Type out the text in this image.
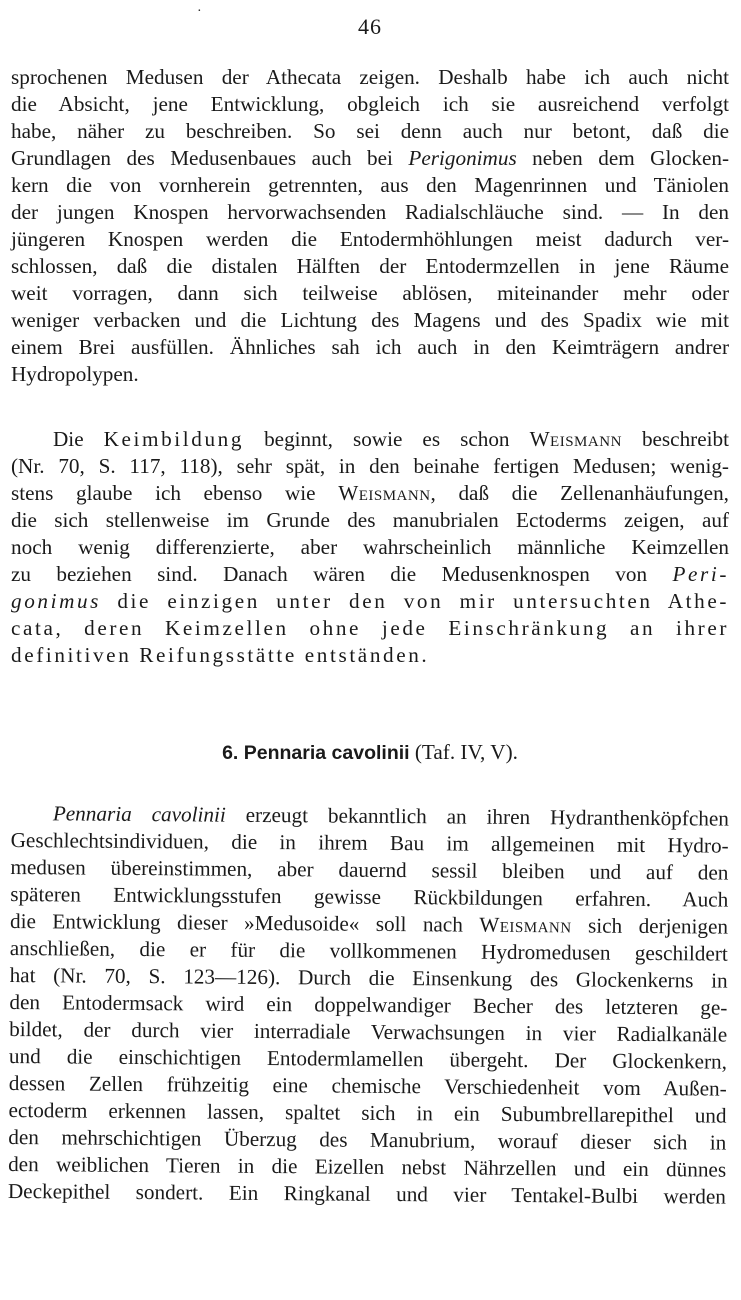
·
46
sprochenen Medusen der Athecata zeigen. Deshalb habe ich auch nicht
die Absicht, jene Entwicklung, obgleich ich sie ausreichend verfolgt
habe, näher zu beschreiben. So sei denn auch nur betont, daß die
Grundlagen des Medusenbaues auch bei Perigonimus neben dem Glocken-
kern die von vornherein getrennten, aus den Magenrinnen und Täniolen
der jungen Knospen hervorwachsenden Radialschläuche sind. — In den
jüngeren Knospen werden die Entodermhöhlungen meist dadurch ver-
schlossen, daß die distalen Hälften der Entodermzellen in jene Räume
weit vorragen, dann sich teilweise ablösen, miteinander mehr oder
weniger verbacken und die Lichtung des Magens und des Spadix wie mit
einem Brei ausfüllen. Ähnliches sah ich auch in den Keimträgern andrer
Hydropolypen.
Die Keimbildung beginnt, sowie es schon Weismann beschreibt
(Nr. 70, S. 117, 118), sehr spät, in den beinahe fertigen Medusen; wenig-
stens glaube ich ebenso wie Weismann, daß die Zellenanhäufungen,
die sich stellenweise im Grunde des manubrialen Ectoderms zeigen, auf
noch wenig differenzierte, aber wahrscheinlich männliche Keimzellen
zu beziehen sind. Danach wären die Medusenknospen von Peri-
gonimus die einzigen unter den von mir untersuchten Athe-
cata, deren Keimzellen ohne jede Einschränkung an ihrer
definitiven Reifungsstätte entständen.
6. Pennaria cavolinii (Taf. IV, V).
Pennaria cavolinii erzeugt bekanntlich an ihren Hydranthenköpfchen
Geschlechtsindividuen, die in ihrem Bau im allgemeinen mit Hydro-
medusen übereinstimmen, aber dauernd sessil bleiben und auf den
späteren Entwicklungsstufen gewisse Rückbildungen erfahren. Auch
die Entwicklung dieser »Medusoide« soll nach Weismann sich derjenigen
anschließen, die er für die vollkommenen Hydromedusen geschildert
hat (Nr. 70, S. 123—126). Durch die Einsenkung des Glockenkerns in
den Entodermsack wird ein doppelwandiger Becher des letzteren ge-
bildet, der durch vier interradiale Verwachsungen in vier Radialkanäle
und die einschichtigen Entodermlamellen übergeht. Der Glockenkern,
dessen Zellen frühzeitig eine chemische Verschiedenheit vom Außen-
ectoderm erkennen lassen, spaltet sich in ein Subumbrellarepithel und
den mehrschichtigen Überzug des Manubrium, worauf dieser sich in
den weiblichen Tieren in die Eizellen nebst Nährzellen und ein dünnes
Deckepithel sondert. Ein Ringkanal und vier Tentakel-Bulbi werden
